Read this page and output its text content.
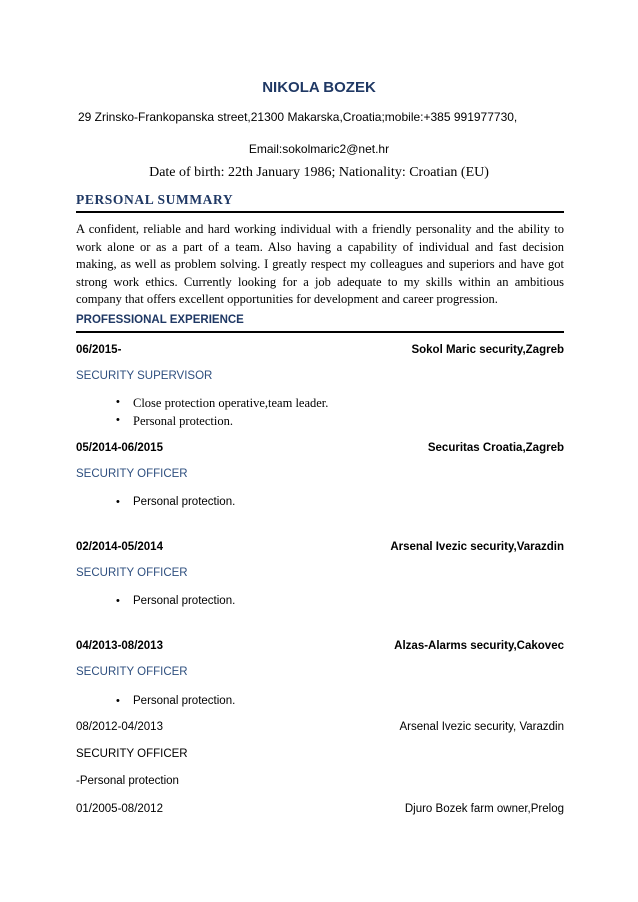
NIKOLA BOZEK
29 Zrinsko-Frankopanska street,21300 Makarska,Croatia;mobile:+385 991977730,
Email:sokolmaric2@net.hr
Date of birth: 22th January 1986; Nationality: Croatian (EU)
PERSONAL SUMMARY
A confident, reliable and hard working individual with a friendly personality and the ability to work alone or as a part of a team. Also having a capability of individual and fast decision making, as well as problem solving. I greatly respect my colleagues and superiors and have got strong work ethics. Currently looking for a job adequate to my skills within an ambitious company that offers excellent opportunities for development and career progression.
PROFESSIONAL EXPERIENCE
06/2015-	Sokol Maric security,Zagreb
SECURITY SUPERVISOR
• Close protection operative,team leader.
• Personal protection.
05/2014-06/2015	Securitas Croatia,Zagreb
SECURITY OFFICER
• Personal protection.
02/2014-05/2014	Arsenal Ivezic security,Varazdin
SECURITY OFFICER
• Personal protection.
04/2013-08/2013	Alzas-Alarms security,Cakovec
SECURITY OFFICER
• Personal protection.
08/2012-04/2013	Arsenal Ivezic security, Varazdin
SECURITY OFFICER
-Personal protection
01/2005-08/2012	Djuro Bozek farm owner,Prelog
